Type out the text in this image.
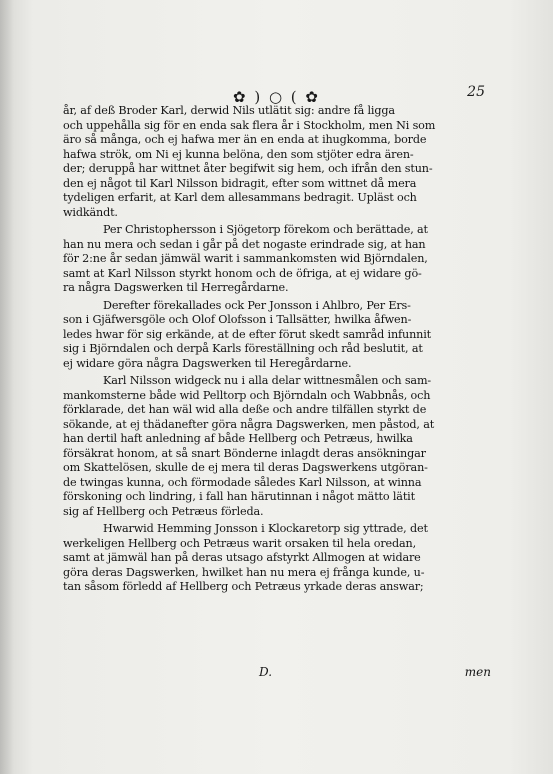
✿ ) ○ ( ✿	25

år, af deß Broder Karl, derwid Nils utlätit sig: andre få ligga
och uppehålla sig för en enda sak flera år i Stockholm, men Ni som
äro så många, och ej hafwa mer än en enda at ihugkomma, borde
hafwa strök, om Ni ej kunna belöna, den som stjöter edra ären-
der; deruppå har wittnet åter begifwit sig hem, och ifrån den stun-
den ej något til Karl Nilsson bidragit, efter som wittnet då mera
tydeligen erfarit, at Karl dem allesammans bedragit. Upläst och
widkändt.

Per Christophersson i Sjögetorp förekom och berättade, at
han nu mera och sedan i går på det nogaste erindrade sig, at han
för 2:ne år sedan jämwäl warit i sammankomsten wid Björndalen,
samt at Karl Nilsson styrkt honom och de öfriga, at ej widare gö-
ra några Dagswerken til Herregårdarne.

Derefter förekallades ock Per Jonsson i Ahlbro, Per Ers-
son i Gjäfwersgöle och Olof Olofsson i Tallsätter, hwilka åfwen-
ledes hwar för sig erkände, at de efter förut skedt samråd infunnit
sig i Björndalen och derpå Karls föreställning och råd beslutit, at
ej widare göra några Dagswerken til Heregårdarne.

Karl Nilsson widgeck nu i alla delar wittnesmålen och sam-
mankomsterne både wid Pelltorp och Björndaln och Wabbnås, och
förklarade, det han wäl wid alla deße och andre tilfällen styrkt de
sökande, at ej thädanefter göra några Dagswerken, men påstod, at
han dertil haft anledning af både Hellberg och Petræus, hwilka
försäkrat honom, at så snart Bönderne inlagdt deras ansökningar
om Skattelösen, skulle de ej mera til deras Dagswerkens utgöran-
de twingas kunna, och förmodade således Karl Nilsson, at winna
förskoning och lindring, i fall han härutinnan i något mätto lätit
sig af Hellberg och Petræus förleda.

Hwarwid Hemming Jonsson i Klockaretorp sig yttrade, det
werkeligen Hellberg och Petræus warit orsaken til hela oredan,
samt at jämwäl han på deras utsago afstyrkt Allmogen at widare
göra deras Dagswerken, hwilket han nu mera ej frånga kunde, u-
tan såsom förledd af Hellberg och Petræus yrkade deras answar;

D.	men
